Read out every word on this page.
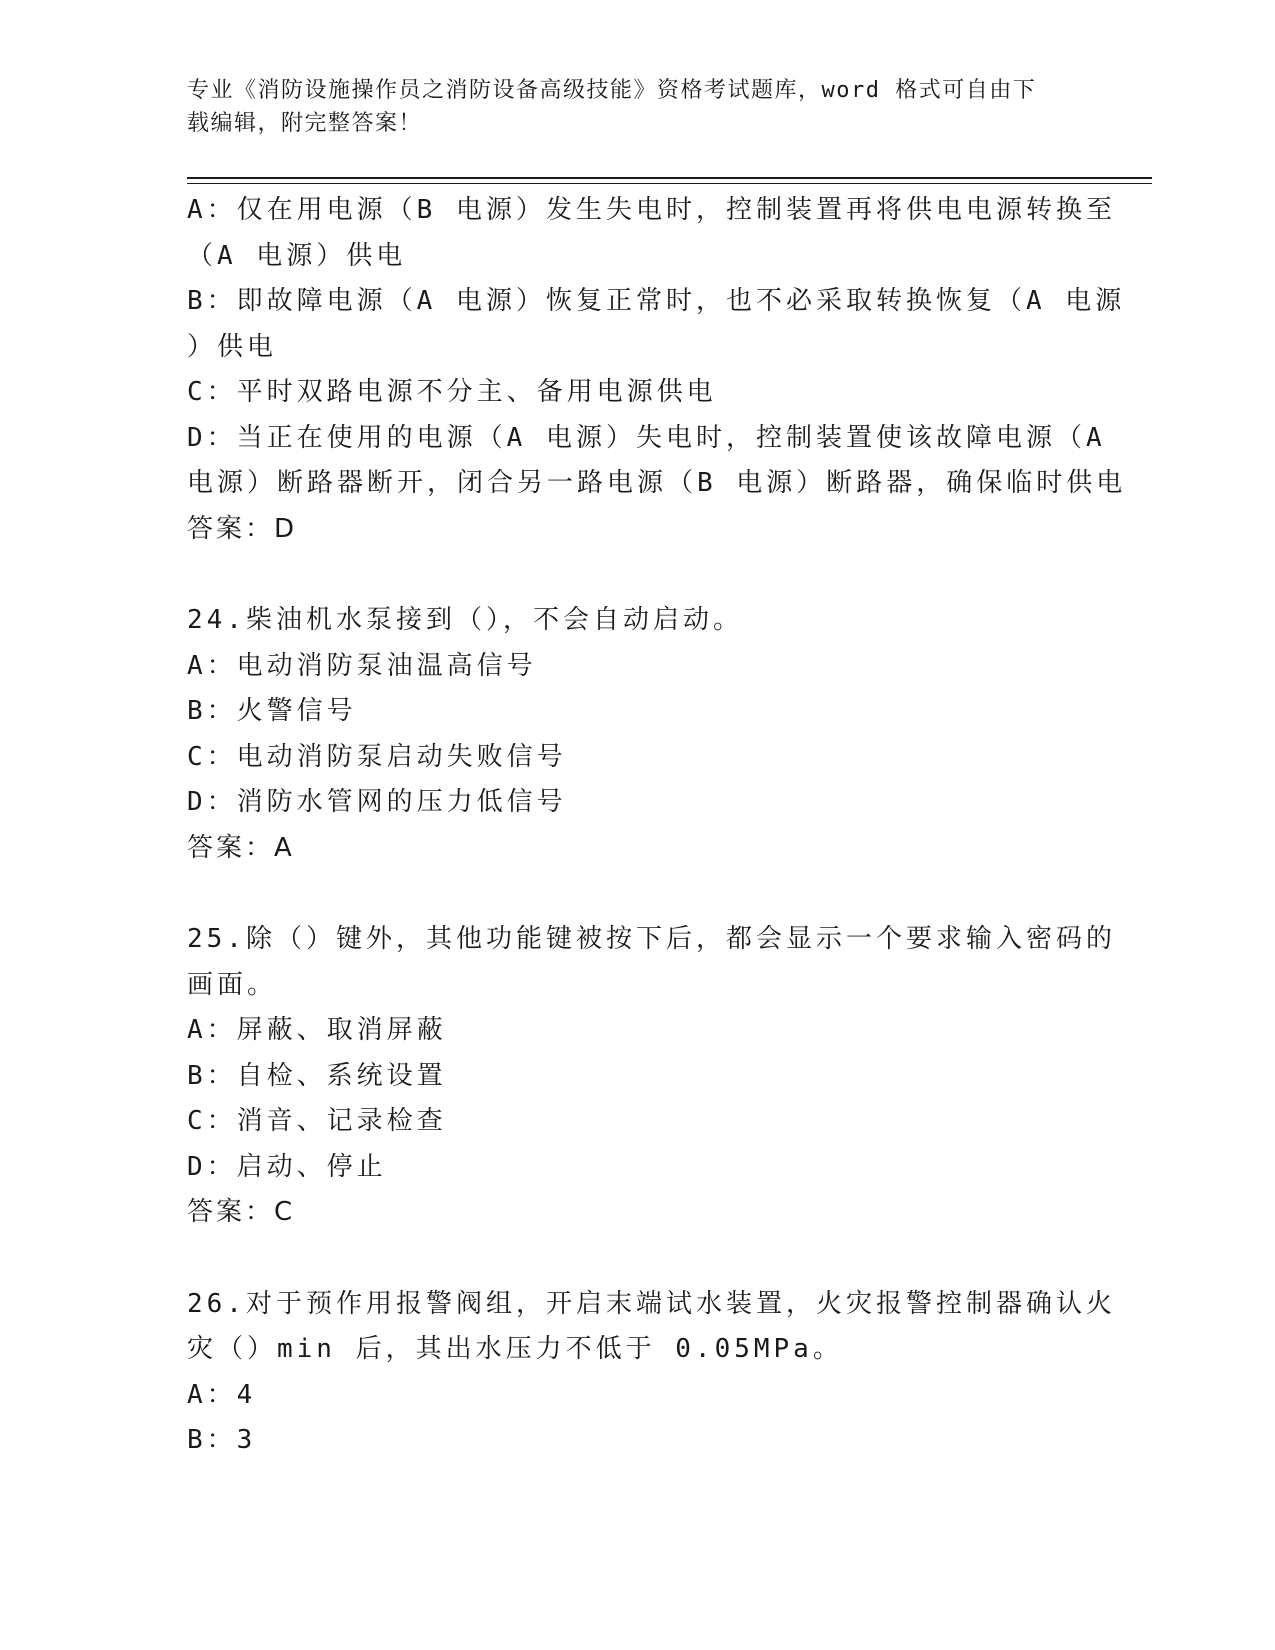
专业《消防设施操作员之消防设备高级技能》资格考试题库，word 格式可自由下
载编辑，附完整答案！
A：仅在用电源（B 电源）发生失电时，控制装置再将供电电源转换至
（A 电源）供电
B：即故障电源（A 电源）恢复正常时，也不必采取转换恢复（A 电源
）供电
C：平时双路电源不分主、备用电源供电
D：当正在使用的电源（A 电源）失电时，控制装置使该故障电源（A
电源）断路器断开，闭合另一路电源（B 电源）断路器，确保临时供电
答案：D
24.柴油机水泵接到（），不会自动启动。
A：电动消防泵油温高信号
B：火警信号
C：电动消防泵启动失败信号
D：消防水管网的压力低信号
答案：A
25.除（）键外，其他功能键被按下后，都会显示一个要求输入密码的
画面。
A：屏蔽、取消屏蔽
B：自检、系统设置
C：消音、记录检查
D：启动、停止
答案：C
26.对于预作用报警阀组，开启末端试水装置，火灾报警控制器确认火
灾（）min 后，其出水压力不低于 0.05MPa。
A：4
B：3
